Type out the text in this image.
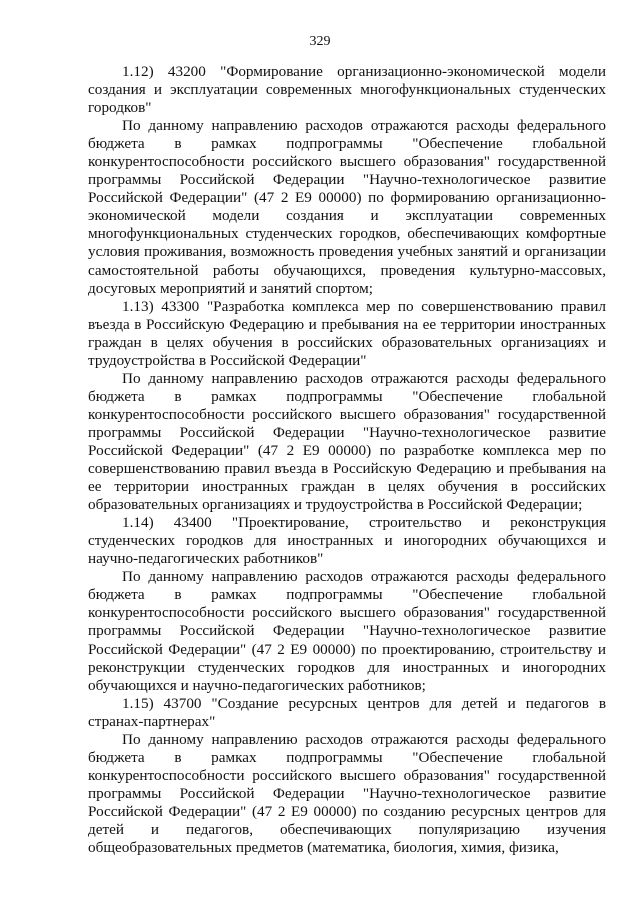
329

1.12) 43200 "Формирование организационно-экономической модели создания и эксплуатации современных многофункциональных студенческих городков"

По данному направлению расходов отражаются расходы федерального бюджета в рамках подпрограммы "Обеспечение глобальной конкурентоспособности российского высшего образования" государственной программы Российской Федерации "Научно-технологическое развитие Российской Федерации" (47 2 Е9 00000) по формированию организационно-экономической модели создания и эксплуатации современных многофункциональных студенческих городков, обеспечивающих комфортные условия проживания, возможность проведения учебных занятий и организации самостоятельной работы обучающихся, проведения культурно-массовых, досуговых мероприятий и занятий спортом;

1.13) 43300 "Разработка комплекса мер по совершенствованию правил въезда в Российскую Федерацию и пребывания на ее территории иностранных граждан в целях обучения в российских образовательных организациях и трудоустройства в Российской Федерации"

По данному направлению расходов отражаются расходы федерального бюджета в рамках подпрограммы "Обеспечение глобальной конкурентоспособности российского высшего образования" государственной программы Российской Федерации "Научно-технологическое развитие Российской Федерации" (47 2 Е9 00000) по разработке комплекса мер по совершенствованию правил въезда в Российскую Федерацию и пребывания на ее территории иностранных граждан в целях обучения в российских образовательных организациях и трудоустройства в Российской Федерации;

1.14) 43400 "Проектирование, строительство и реконструкция студенческих городков для иностранных и иногородних обучающихся и научно-педагогических работников"

По данному направлению расходов отражаются расходы федерального бюджета в рамках подпрограммы "Обеспечение глобальной конкурентоспособности российского высшего образования" государственной программы Российской Федерации "Научно-технологическое развитие Российской Федерации" (47 2 Е9 00000) по проектированию, строительству и реконструкции студенческих городков для иностранных и иногородних обучающихся и научно-педагогических работников;

1.15) 43700 "Создание ресурсных центров для детей и педагогов в странах-партнерах"

По данному направлению расходов отражаются расходы федерального бюджета в рамках подпрограммы "Обеспечение глобальной конкурентоспособности российского высшего образования" государственной программы Российской Федерации "Научно-технологическое развитие Российской Федерации" (47 2 Е9 00000) по созданию ресурсных центров для детей и педагогов, обеспечивающих популяризацию изучения общеобразовательных предметов (математика, биология, химия, физика,
